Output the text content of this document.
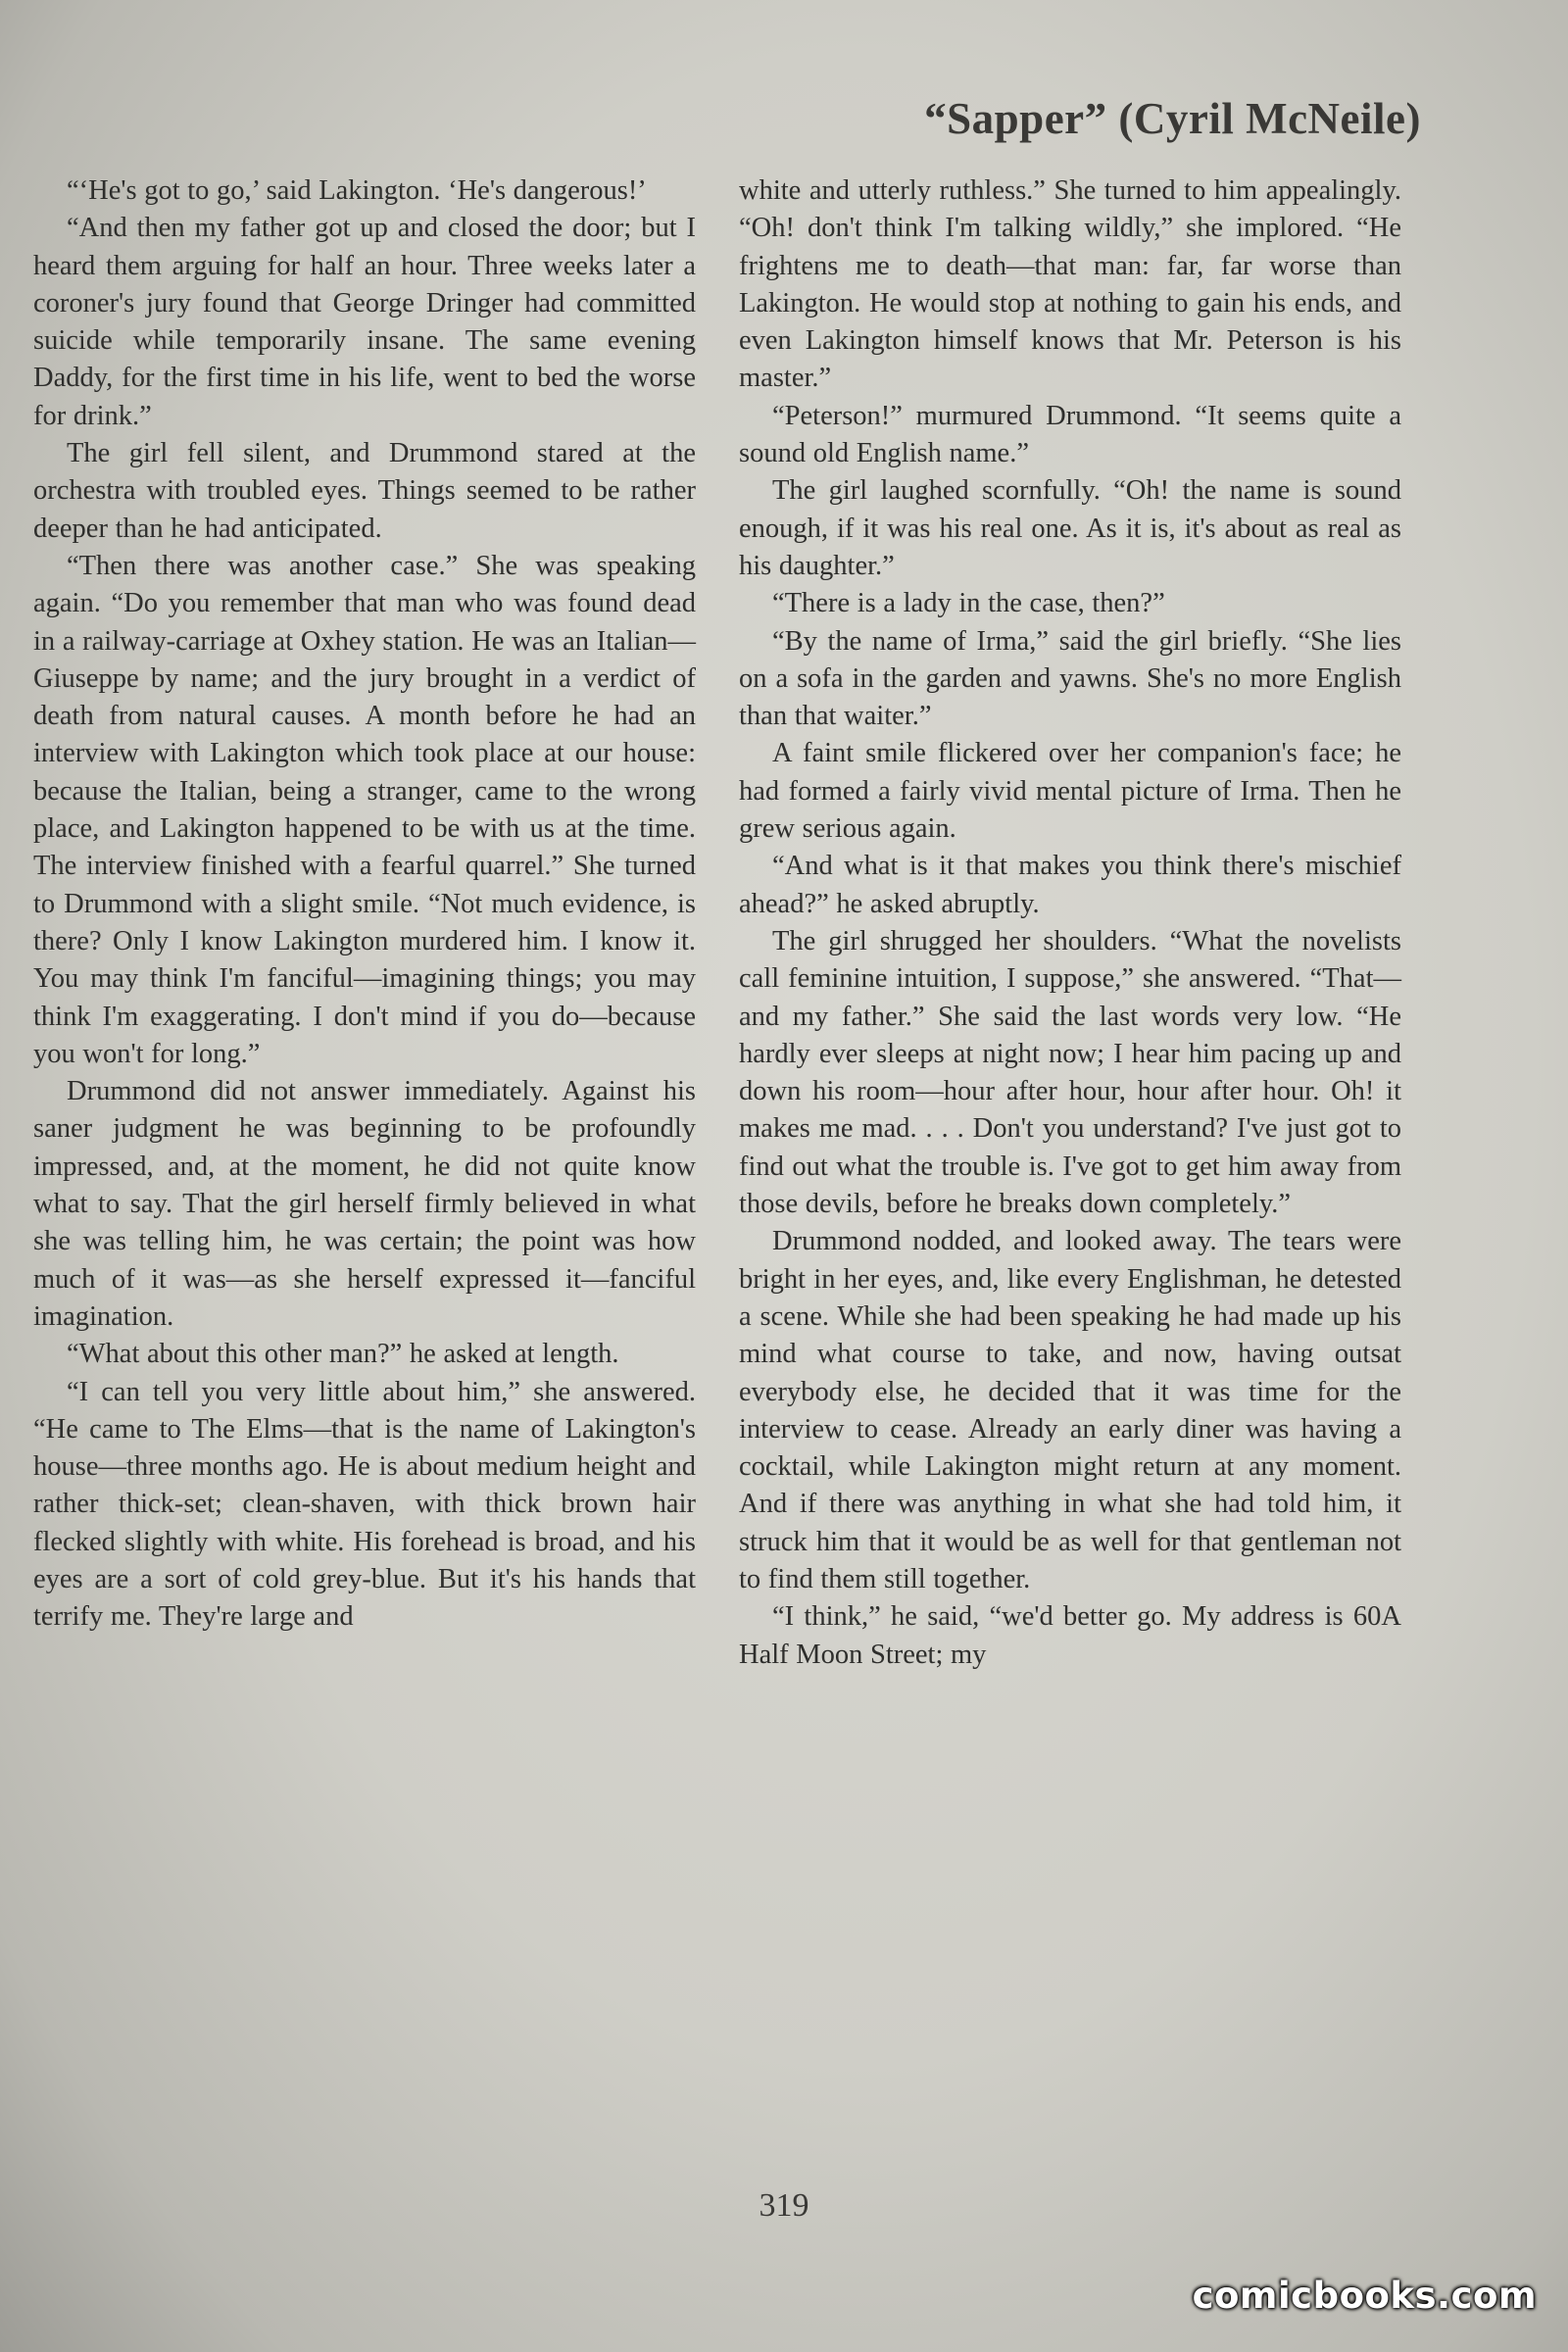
“Sapper” (Cyril McNeile)

“‘He's got to go,’ said Lakington. ‘He's dangerous!’

“And then my father got up and closed the door; but I heard them arguing for half an hour. Three weeks later a coroner's jury found that George Dringer had committed suicide while temporarily insane. The same evening Daddy, for the first time in his life, went to bed the worse for drink.”

The girl fell silent, and Drummond stared at the orchestra with troubled eyes. Things seemed to be rather deeper than he had anticipated.

“Then there was another case.” She was speaking again. “Do you remember that man who was found dead in a railway-carriage at Oxhey station. He was an Italian—Giuseppe by name; and the jury brought in a verdict of death from natural causes. A month before he had an interview with Lakington which took place at our house: because the Italian, being a stranger, came to the wrong place, and Lakington happened to be with us at the time. The interview finished with a fearful quarrel.” She turned to Drummond with a slight smile. “Not much evidence, is there? Only I know Lakington murdered him. I know it. You may think I'm fanciful—imagining things; you may think I'm exaggerating. I don't mind if you do—because you won't for long.”

Drummond did not answer immediately. Against his saner judgment he was beginning to be profoundly impressed, and, at the moment, he did not quite know what to say. That the girl herself firmly believed in what she was telling him, he was certain; the point was how much of it was—as she herself expressed it—fanciful imagination.

“What about this other man?” he asked at length.

“I can tell you very little about him,” she answered. “He came to The Elms—that is the name of Lakington's house—three months ago. He is about medium height and rather thick-set; clean-shaven, with thick brown hair flecked slightly with white. His forehead is broad, and his eyes are a sort of cold grey-blue. But it's his hands that terrify me. They're large and

white and utterly ruthless.” She turned to him appealingly. “Oh! don't think I'm talking wildly,” she implored. “He frightens me to death—that man: far, far worse than Lakington. He would stop at nothing to gain his ends, and even Lakington himself knows that Mr. Peterson is his master.”

“Peterson!” murmured Drummond. “It seems quite a sound old English name.”

The girl laughed scornfully. “Oh! the name is sound enough, if it was his real one. As it is, it's about as real as his daughter.”

“There is a lady in the case, then?”

“By the name of Irma,” said the girl briefly. “She lies on a sofa in the garden and yawns. She's no more English than that waiter.”

A faint smile flickered over her companion's face; he had formed a fairly vivid mental picture of Irma. Then he grew serious again.

“And what is it that makes you think there's mischief ahead?” he asked abruptly.

The girl shrugged her shoulders. “What the novelists call feminine intuition, I suppose,” she answered. “That—and my father.” She said the last words very low. “He hardly ever sleeps at night now; I hear him pacing up and down his room—hour after hour, hour after hour. Oh! it makes me mad. . . . Don't you understand? I've just got to find out what the trouble is. I've got to get him away from those devils, before he breaks down completely.”

Drummond nodded, and looked away. The tears were bright in her eyes, and, like every Englishman, he detested a scene. While she had been speaking he had made up his mind what course to take, and now, having outsat everybody else, he decided that it was time for the interview to cease. Already an early diner was having a cocktail, while Lakington might return at any moment. And if there was anything in what she had told him, it struck him that it would be as well for that gentleman not to find them still together.

“I think,” he said, “we'd better go. My address is 60A Half Moon Street; my

319
comicbooks.com
